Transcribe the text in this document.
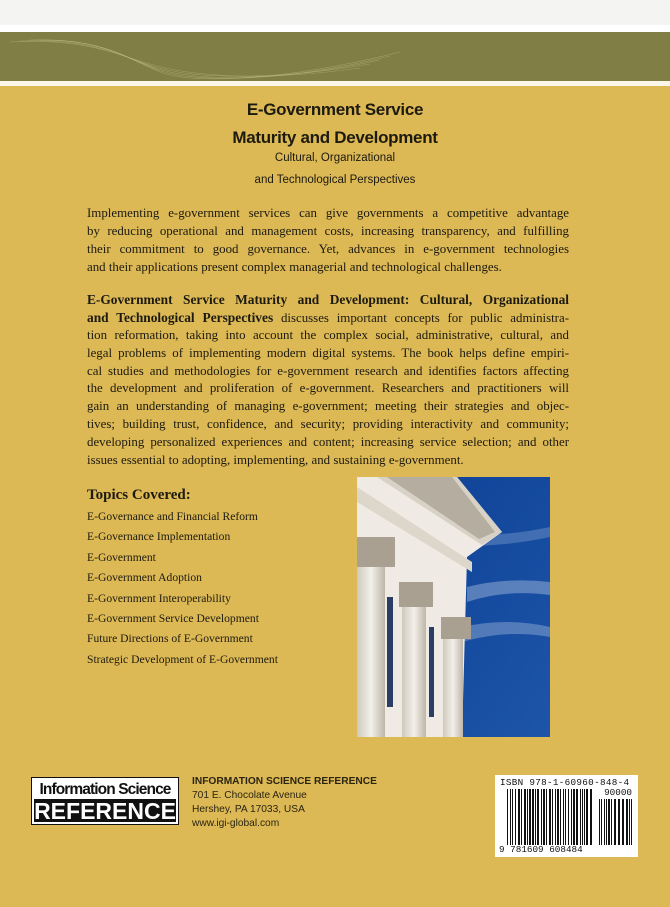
E-Government Service
Maturity and Development
Cultural, Organizational
and Technological Perspectives
Implementing e-government services can give governments a competitive advantage
by reducing operational and management costs, increasing transparency, and fulfilling
their commitment to good governance. Yet, advances in e-government technologies
and their applications present complex managerial and technological challenges.
E-Government Service Maturity and Development: Cultural, Organizational
and Technological Perspectives discusses important concepts for public administra-
tion reformation, taking into account the complex social, administrative, cultural, and
legal problems of implementing modern digital systems. The book helps define empiri-
cal studies and methodologies for e-government research and identifies factors affecting
the development and proliferation of e-government. Researchers and practitioners will
gain an understanding of managing e-government; meeting their strategies and objec-
tives; building trust, confidence, and security; providing interactivity and community;
developing personalized experiences and content; increasing service selection; and other
issues essential to adopting, implementing, and sustaining e-government.
Topics Covered:
E-Governance and Financial Reform
E-Governance Implementation
E-Government
E-Government Adoption
E-Government Interoperability
E-Government Service Development
Future Directions of E-Government
Strategic Development of E-Government
Information Science
REFERENCE
INFORMATION SCIENCE REFERENCE
701 E. Chocolate Avenue
Hershey, PA 17033, USA
www.igi-global.com
ISBN 978-1-60960-848-4
90000
9 781609 608484
